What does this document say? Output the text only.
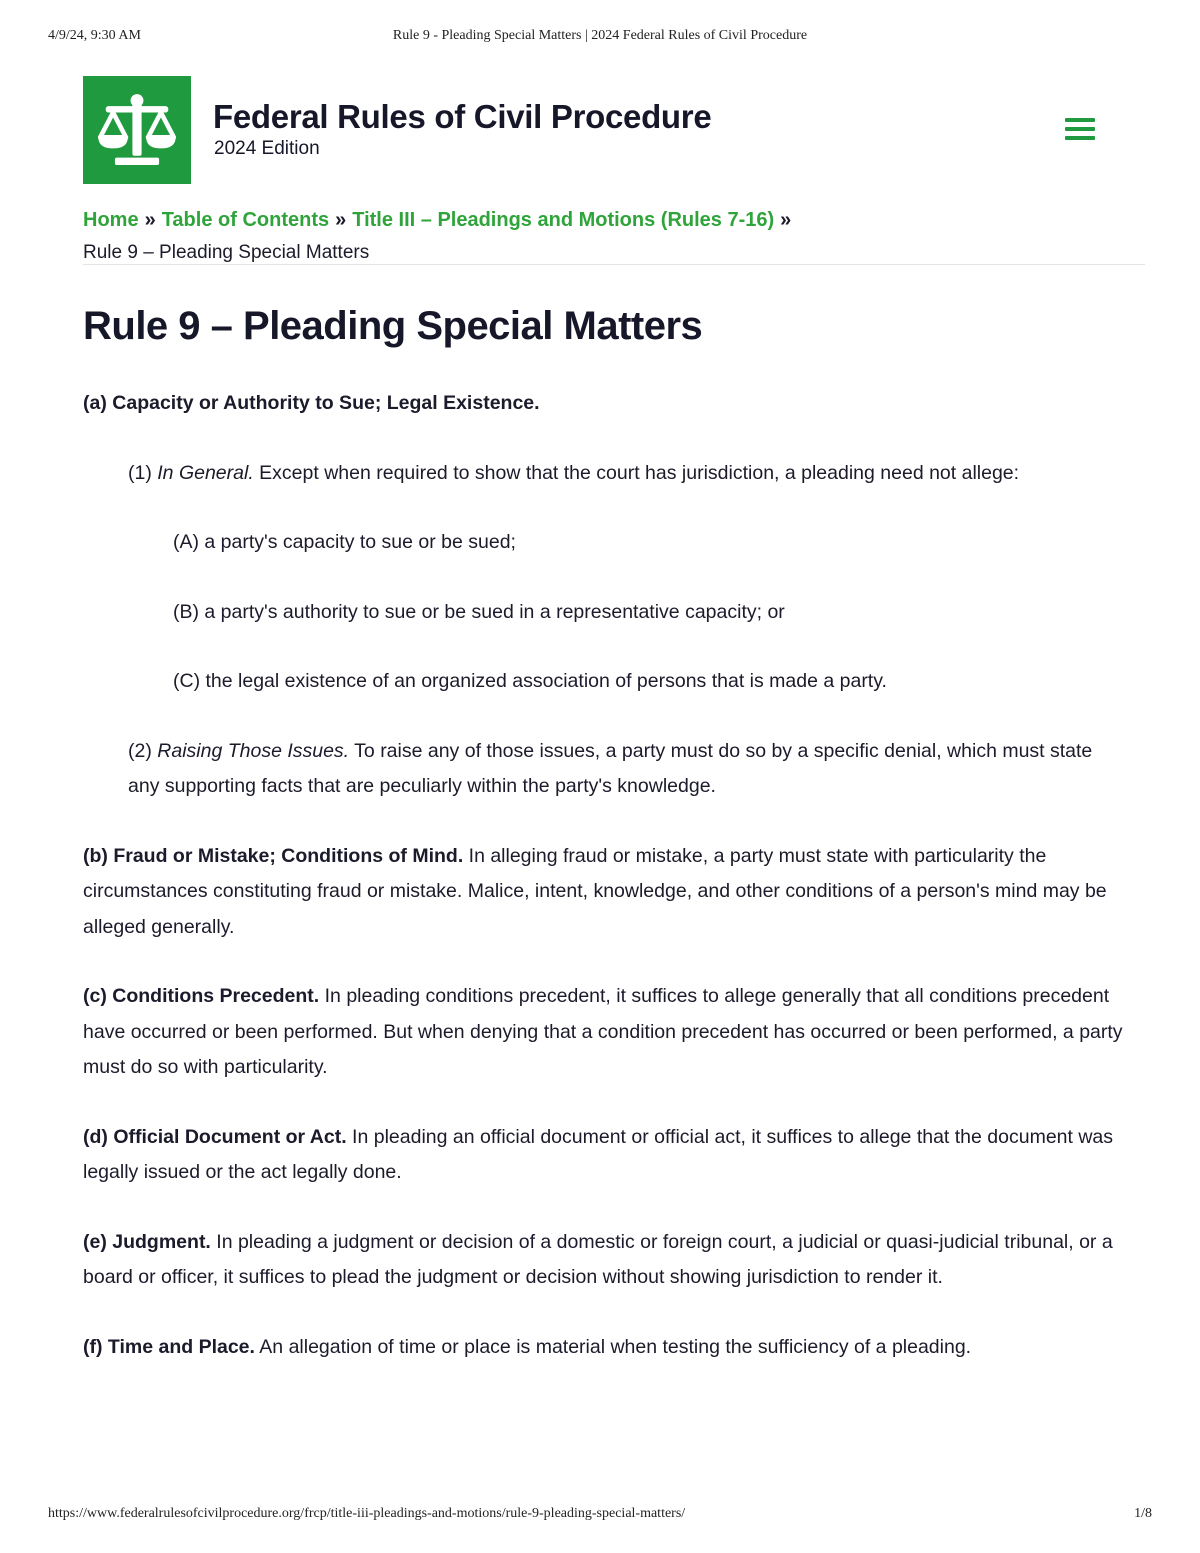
4/9/24, 9:30 AM	Rule 9 - Pleading Special Matters | 2024 Federal Rules of Civil Procedure
Federal Rules of Civil Procedure
2024 Edition
Home » Table of Contents » Title III – Pleadings and Motions (Rules 7-16) »
Rule 9 – Pleading Special Matters
Rule 9 – Pleading Special Matters

(a) Capacity or Authority to Sue; Legal Existence.

(1) In General. Except when required to show that the court has jurisdiction, a pleading need not allege:

(A) a party's capacity to sue or be sued;

(B) a party's authority to sue or be sued in a representative capacity; or

(C) the legal existence of an organized association of persons that is made a party.

(2) Raising Those Issues. To raise any of those issues, a party must do so by a specific denial, which must state any supporting facts that are peculiarly within the party's knowledge.

(b) Fraud or Mistake; Conditions of Mind. In alleging fraud or mistake, a party must state with particularity the circumstances constituting fraud or mistake. Malice, intent, knowledge, and other conditions of a person's mind may be alleged generally.

(c) Conditions Precedent. In pleading conditions precedent, it suffices to allege generally that all conditions precedent have occurred or been performed. But when denying that a condition precedent has occurred or been performed, a party must do so with particularity.

(d) Official Document or Act. In pleading an official document or official act, it suffices to allege that the document was legally issued or the act legally done.

(e) Judgment. In pleading a judgment or decision of a domestic or foreign court, a judicial or quasi-judicial tribunal, or a board or officer, it suffices to plead the judgment or decision without showing jurisdiction to render it.

(f) Time and Place. An allegation of time or place is material when testing the sufficiency of a pleading.

https://www.federalrulesofcivilprocedure.org/frcp/title-iii-pleadings-and-motions/rule-9-pleading-special-matters/	1/8
